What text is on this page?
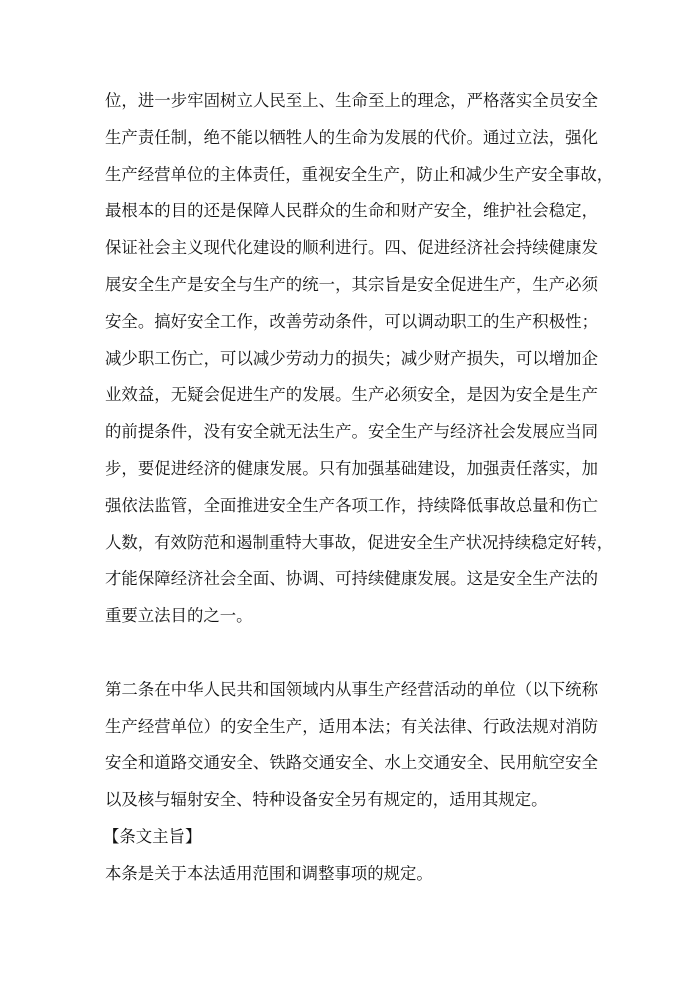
位，进一步牢固树立人民至上、生命至上的理念，严格落实全员安全
生产责任制，绝不能以牺牲人的生命为发展的代价。通过立法，强化
生产经营单位的主体责任，重视安全生产，防止和减少生产安全事故，
最根本的目的还是保障人民群众的生命和财产安全，维护社会稳定，
保证社会主义现代化建设的顺利进行。四、促进经济社会持续健康发
展安全生产是安全与生产的统一，其宗旨是安全促进生产，生产必须
安全。搞好安全工作，改善劳动条件，可以调动职工的生产积极性；
减少职工伤亡，可以减少劳动力的损失；减少财产损失，可以增加企
业效益，无疑会促进生产的发展。生产必须安全，是因为安全是生产
的前提条件，没有安全就无法生产。安全生产与经济社会发展应当同
步，要促进经济的健康发展。只有加强基础建设，加强责任落实，加
强依法监管，全面推进安全生产各项工作，持续降低事故总量和伤亡
人数，有效防范和遏制重特大事故，促进安全生产状况持续稳定好转，
才能保障经济社会全面、协调、可持续健康发展。这是安全生产法的
重要立法目的之一。
第二条在中华人民共和国领域内从事生产经营活动的单位（以下统称
生产经营单位）的安全生产，适用本法；有关法律、行政法规对消防
安全和道路交通安全、铁路交通安全、水上交通安全、民用航空安全
以及核与辐射安全、特种设备安全另有规定的，适用其规定。
【条文主旨】
本条是关于本法适用范围和调整事项的规定。
